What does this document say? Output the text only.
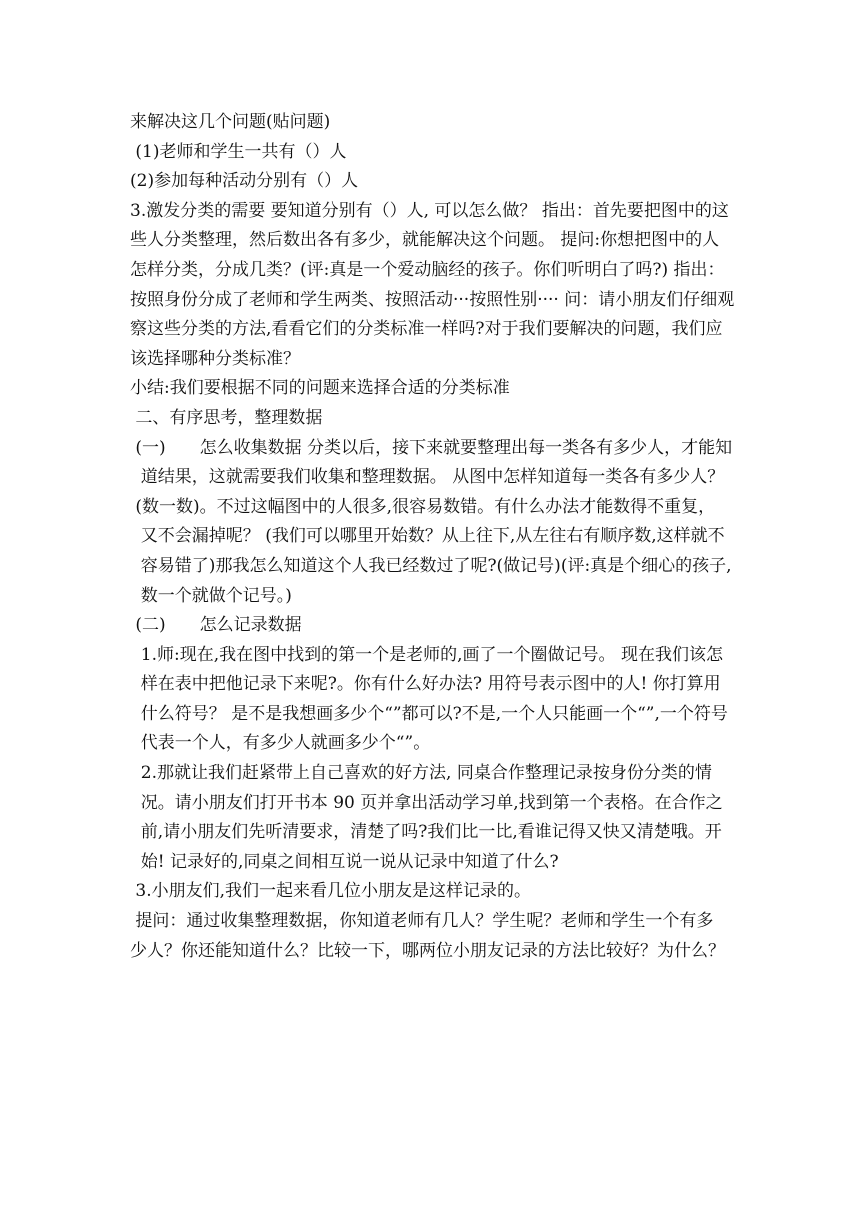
来解决这几个问题(贴问题)
(1)老师和学生一共有（）人
(2)参加每种活动分别有（）人
3.激发分类的需要 要知道分别有（）人, 可以怎么做？ 指出：首先要把图中的这
些人分类整理，然后数出各有多少，就能解决这个问题。 提问:你想把图中的人
怎样分类，分成几类？(评:真是一个爱动脑经的孩子。你们听明白了吗?) 指出：
按照身份分成了老师和学生两类、按照活动···按照性别···· 问：请小朋友们仔细观
察这些分类的方法,看看它们的分类标准一样吗?对于我们要解决的问题，我们应
该选择哪种分类标准？
小结:我们要根据不同的问题来选择合适的分类标准
二、有序思考，整理数据
(一)　　怎么收集数据 分类以后，接下来就要整理出每一类各有多少人，才能知
道结果，这就需要我们收集和整理数据。 从图中怎样知道每一类各有多少人？
(数一数)。不过这幅图中的人很多,很容易数错。有什么办法才能数得不重复，
又不会漏掉呢？ (我们可以哪里开始数？从上往下,从左往右有顺序数,这样就不
容易错了)那我怎么知道这个人我已经数过了呢?(做记号)(评:真是个细心的孩子,
数一个就做个记号。)
(二)　　怎么记录数据
1.师:现在,我在图中找到的第一个是老师的,画了一个圈做记号。 现在我们该怎
样在表中把他记录下来呢?。你有什么好办法? 用符号表示图中的人! 你打算用
什么符号？ 是不是我想画多少个“”都可以?不是,一个人只能画一个“”,一个符号
代表一个人，有多少人就画多少个“”。
2.那就让我们赶紧带上自己喜欢的好方法, 同桌合作整理记录按身份分类的情
况。请小朋友们打开书本 90 页并拿出活动学习单,找到第一个表格。在合作之
前,请小朋友们先听清要求，清楚了吗?我们比一比,看谁记得又快又清楚哦。开
始! 记录好的,同桌之间相互说一说从记录中知道了什么?
3.小朋友们,我们一起来看几位小朋友是这样记录的。
提问：通过收集整理数据，你知道老师有几人？学生呢？老师和学生一个有多
少人？你还能知道什么？比较一下，哪两位小朋友记录的方法比较好？为什么？
